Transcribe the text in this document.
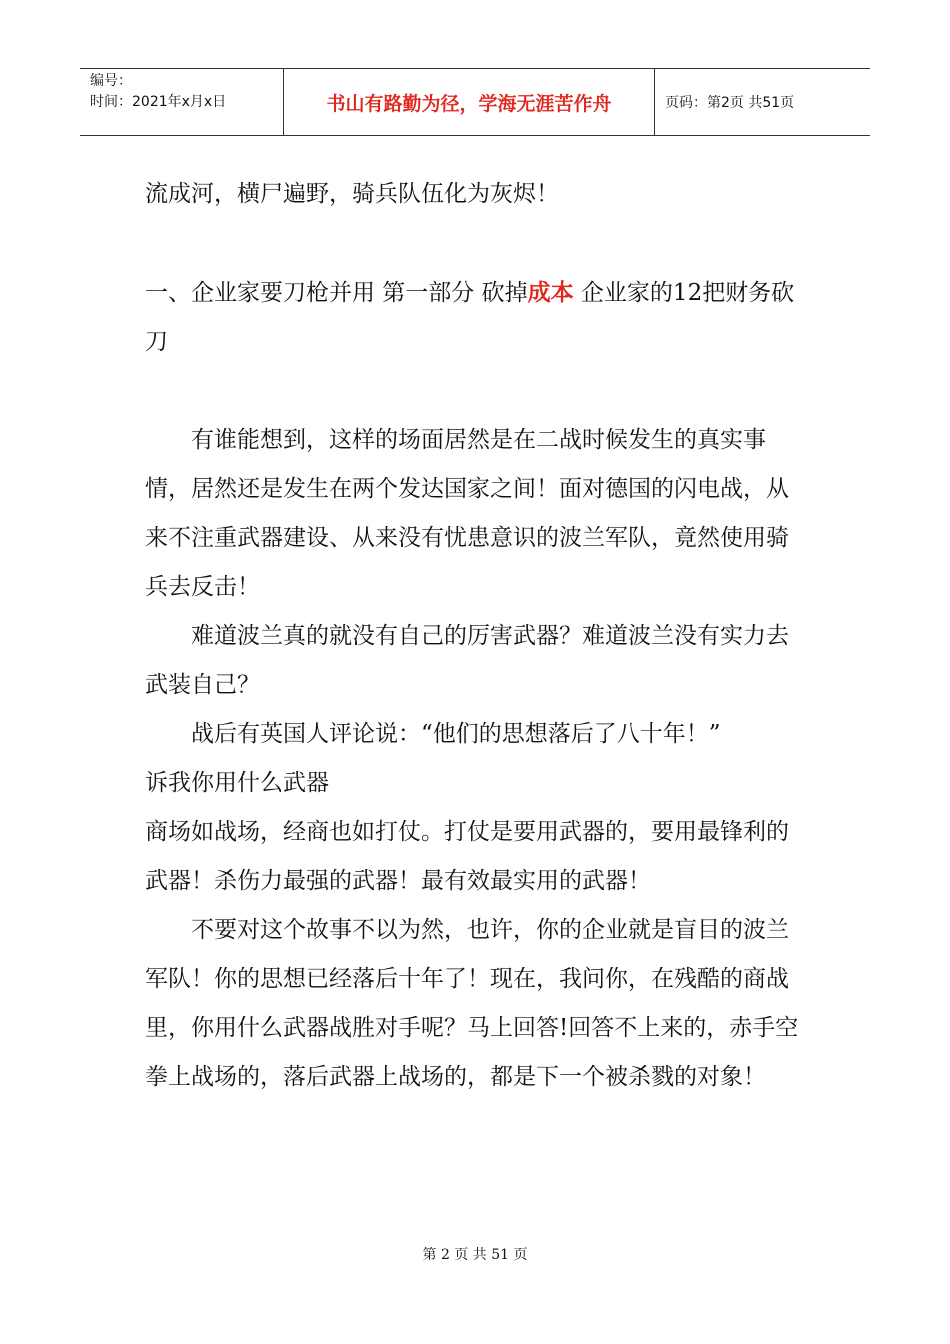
编号：
时间：2021年x月x日	书山有路勤为径，学海无涯苦作舟	页码：第2页 共51页

流成河，横尸遍野，骑兵队伍化为灰烬！

一、企业家要刀枪并用 第一部分 砍掉成本 企业家的12把财务砍刀

有谁能想到，这样的场面居然是在二战时候发生的真实事情，居然还是发生在两个发达国家之间！面对德国的闪电战，从来不注重武器建设、从来没有忧患意识的波兰军队，竟然使用骑兵去反击！

难道波兰真的就没有自己的厉害武器？难道波兰没有实力去武装自己？

战后有英国人评论说：“他们的思想落后了八十年！”

诉我你用什么武器

商场如战场，经商也如打仗。打仗是要用武器的，要用最锋利的武器！杀伤力最强的武器！最有效最实用的武器！

不要对这个故事不以为然，也许，你的企业就是盲目的波兰军队！你的思想已经落后十年了！现在，我问你，在残酷的商战里，你用什么武器战胜对手呢？马上回答!回答不上来的，赤手空拳上战场的，落后武器上战场的，都是下一个被杀戮的对象！

第 2 页 共 51 页
